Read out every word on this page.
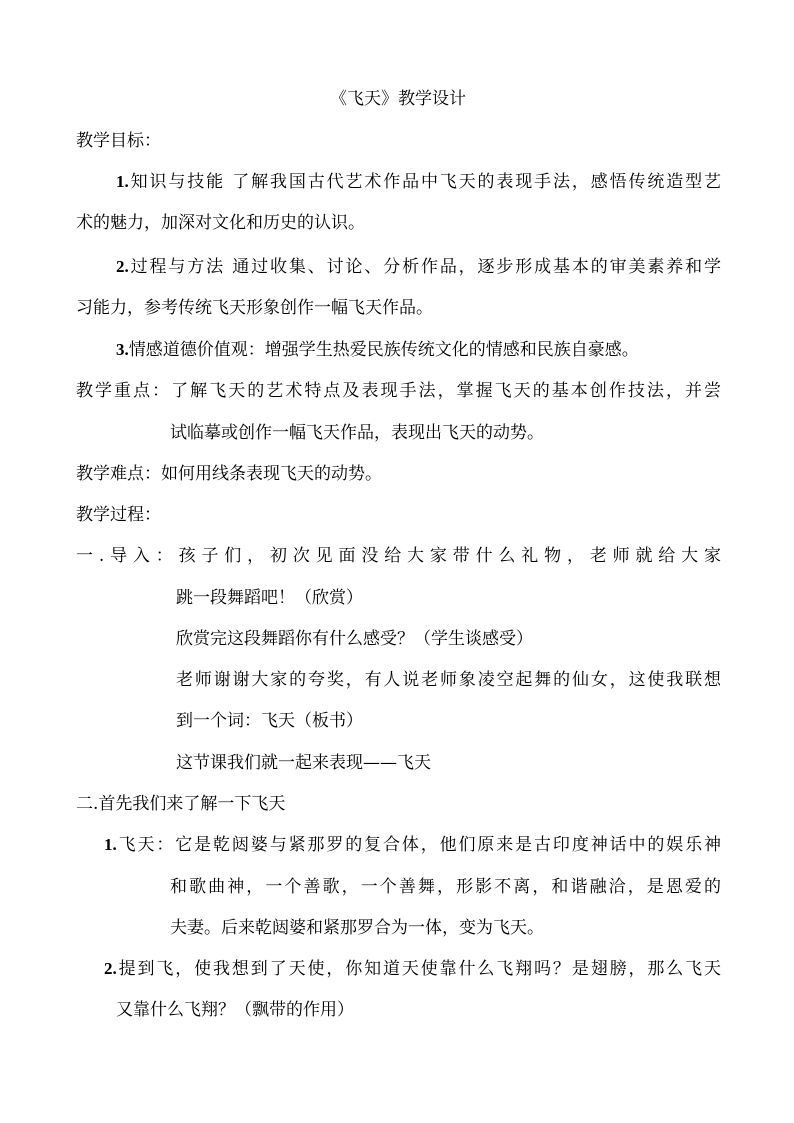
《飞天》教学设计

教学目标：

1.知识与技能 了解我国古代艺术作品中飞天的表现手法，感悟传统造型艺

术的魅力，加深对文化和历史的认识。

2.过程与方法 通过收集、讨论、分析作品，逐步形成基本的审美素养和学

习能力，参考传统飞天形象创作一幅飞天作品。

3.情感道德价值观：增强学生热爱民族传统文化的情感和民族自豪感。

教学重点：了解飞天的艺术特点及表现手法，掌握飞天的基本创作技法，并尝

试临摹或创作一幅飞天作品，表现出飞天的动势。

教学难点：如何用线条表现飞天的动势。

教学过程：

一.导入：孩子们，初次见面没给大家带什么礼物，老师就给大家

跳一段舞蹈吧！（欣赏）

欣赏完这段舞蹈你有什么感受？（学生谈感受）

老师谢谢大家的夸奖，有人说老师象凌空起舞的仙女，这使我联想

到一个词：飞天（板书）

这节课我们就一起来表现——飞天

二.首先我们来了解一下飞天

1.飞天：它是乾闼婆与紧那罗的复合体，他们原来是古印度神话中的娱乐神

和歌曲神，一个善歌，一个善舞，形影不离，和谐融洽，是恩爱的

夫妻。后来乾闼婆和紧那罗合为一体，变为飞天。

2.提到飞，使我想到了天使，你知道天使靠什么飞翔吗？是翅膀，那么飞天

又靠什么飞翔？（飘带的作用）
